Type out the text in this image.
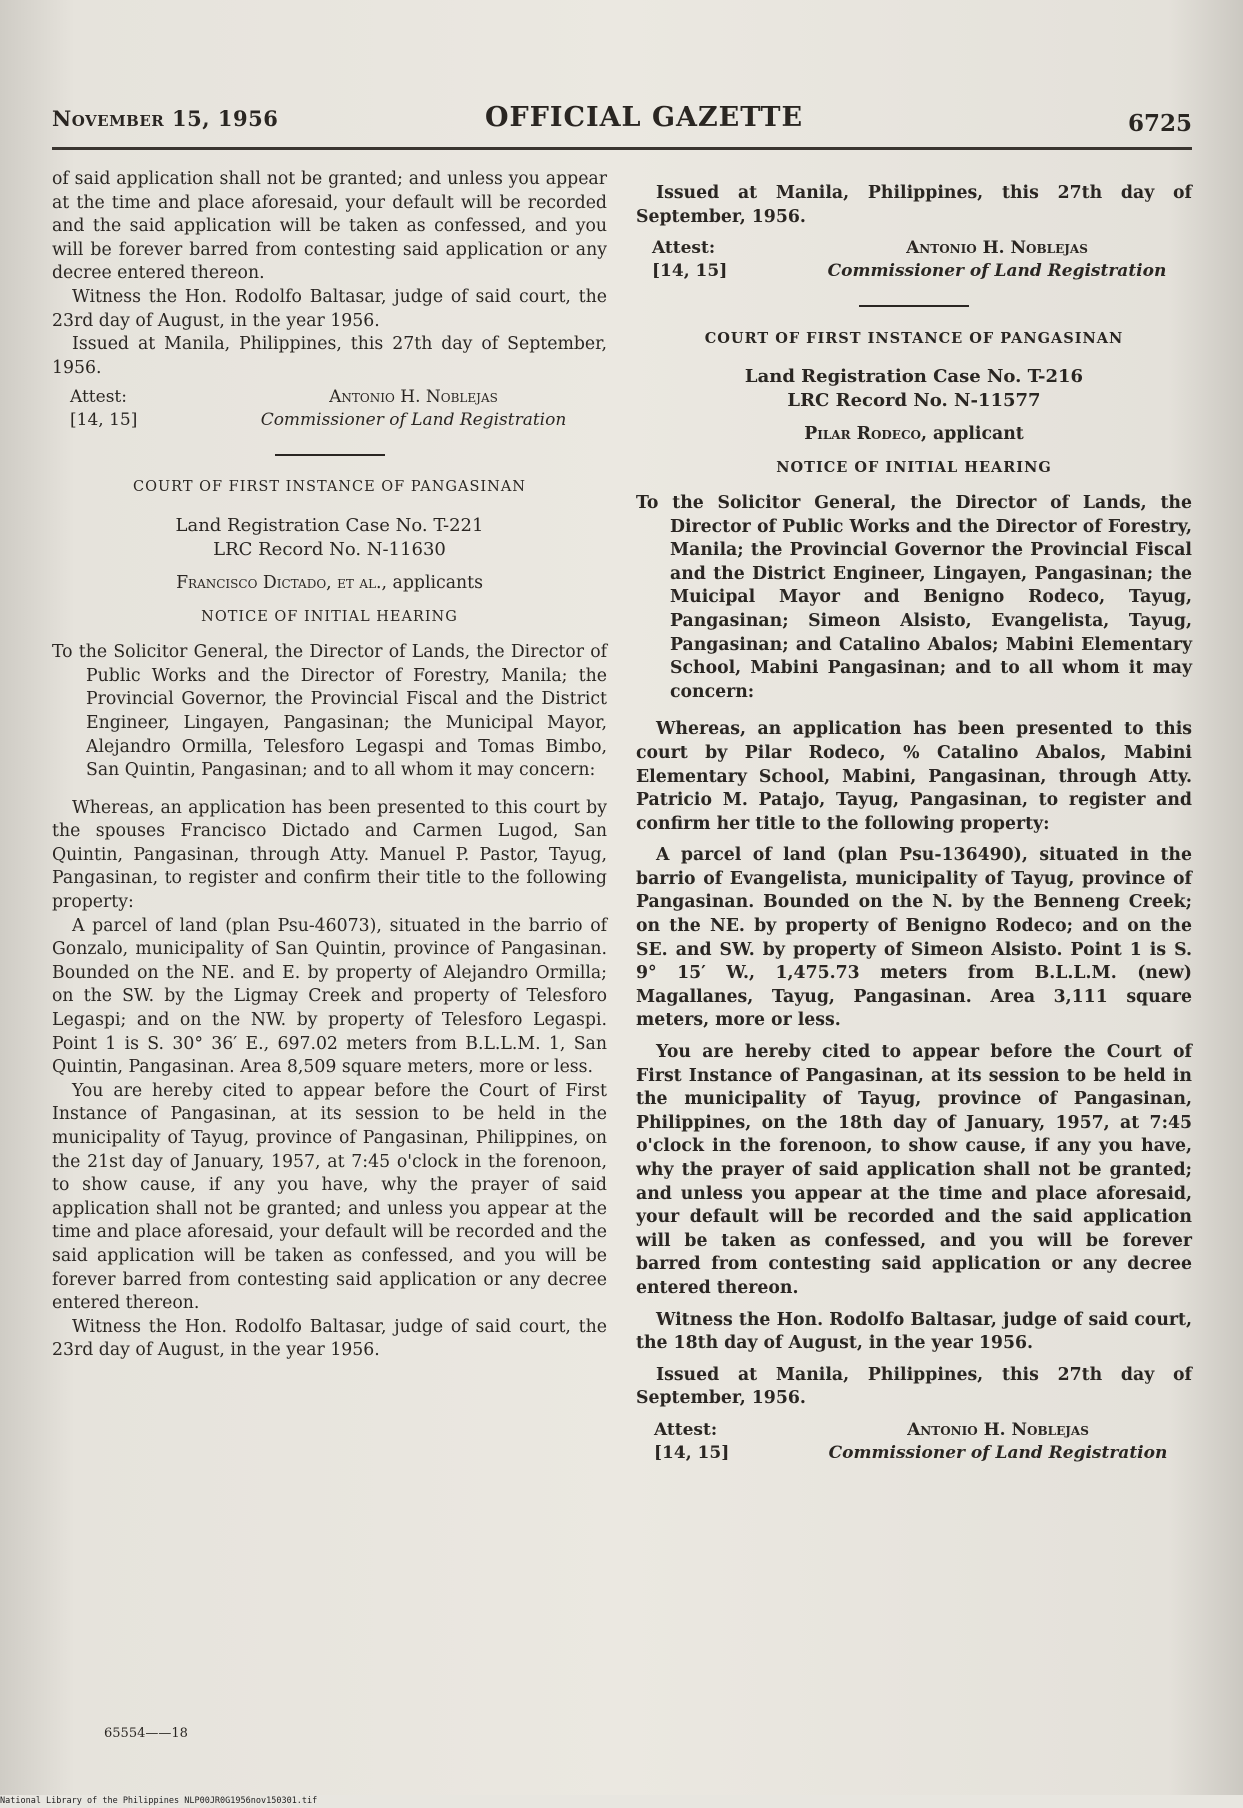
November 15, 1956	OFFICIAL GAZETTE	6725

of said application shall not be granted; and unless you appear at the time and place aforesaid, your default will be recorded and the said application will be taken as confessed, and you will be forever barred from contesting said application or any decree entered thereon.

Witness the Hon. Rodolfo Baltasar, judge of said court, the 23rd day of August, in the year 1956.

Issued at Manila, Philippines, this 27th day of September, 1956.

Attest:
[14, 15]
Antonio H. Noblejas
Commissioner of Land Registration
COURT OF FIRST INSTANCE OF PANGASINAN
Land Registration Case No. T-221
LRC Record No. N-11630
Francisco Dictado, et al., applicants
NOTICE OF INITIAL HEARING

To the Solicitor General, the Director of Lands, the Director of Public Works and the Director of Forestry, Manila; the Provincial Governor, the Provincial Fiscal and the District Engineer, Lingayen, Pangasinan; the Municipal Mayor, Alejandro Ormilla, Telesforo Legaspi and Tomas Bimbo, San Quintin, Pangasinan; and to all whom it may concern:

Whereas, an application has been presented to this court by the spouses Francisco Dictado and Carmen Lugod, San Quintin, Pangasinan, through Atty. Manuel P. Pastor, Tayug, Pangasinan, to register and confirm their title to the following property:

A parcel of land (plan Psu-46073), situated in the barrio of Gonzalo, municipality of San Quintin, province of Pangasinan. Bounded on the NE. and E. by property of Alejandro Ormilla; on the SW. by the Ligmay Creek and property of Telesforo Legaspi; and on the NW. by property of Telesforo Legaspi. Point 1 is S. 30° 36′ E., 697.02 meters from B.L.L.M. 1, San Quintin, Pangasinan. Area 8,509 square meters, more or less.

You are hereby cited to appear before the Court of First Instance of Pangasinan, at its session to be held in the municipality of Tayug, province of Pangasinan, Philippines, on the 21st day of January, 1957, at 7:45 o'clock in the forenoon, to show cause, if any you have, why the prayer of said application shall not be granted; and unless you appear at the time and place aforesaid, your default will be recorded and the said application will be taken as confessed, and you will be forever barred from contesting said application or any decree entered thereon.

Witness the Hon. Rodolfo Baltasar, judge of said court, the 23rd day of August, in the year 1956.

Issued at Manila, Philippines, this 27th day of September, 1956.

Attest:
[14, 15]
Antonio H. Noblejas
Commissioner of Land Registration
COURT OF FIRST INSTANCE OF PANGASINAN
Land Registration Case No. T-216
LRC Record No. N-11577
Pilar Rodeco, applicant
NOTICE OF INITIAL HEARING

To the Solicitor General, the Director of Lands, the Director of Public Works and the Director of Forestry, Manila; the Provincial Governor the Provincial Fiscal and the District Engineer, Lingayen, Pangasinan; the Muicipal Mayor and Benigno Rodeco, Tayug, Pangasinan; Simeon Alsisto, Evangelista, Tayug, Pangasinan; and Catalino Abalos; Mabini Elementary School, Mabini Pangasinan; and to all whom it may concern:

Whereas, an application has been presented to this court by Pilar Rodeco, % Catalino Abalos, Mabini Elementary School, Mabini, Pangasinan, through Atty. Patricio M. Patajo, Tayug, Pangasinan, to register and confirm her title to the following property:

A parcel of land (plan Psu-136490), situated in the barrio of Evangelista, municipality of Tayug, province of Pangasinan. Bounded on the N. by the Benneng Creek; on the NE. by property of Benigno Rodeco; and on the SE. and SW. by property of Simeon Alsisto. Point 1 is S. 9° 15′ W., 1,475.73 meters from B.L.L.M. (new) Magallanes, Tayug, Pangasinan. Area 3,111 square meters, more or less.

You are hereby cited to appear before the Court of First Instance of Pangasinan, at its session to be held in the municipality of Tayug, province of Pangasinan, Philippines, on the 18th day of January, 1957, at 7:45 o'clock in the forenoon, to show cause, if any you have, why the prayer of said application shall not be granted; and unless you appear at the time and place aforesaid, your default will be recorded and the said application will be taken as confessed, and you will be forever barred from contesting said application or any decree entered thereon.

Witness the Hon. Rodolfo Baltasar, judge of said court, the 18th day of August, in the year 1956.

Issued at Manila, Philippines, this 27th day of September, 1956.

Attest:
[14, 15]
Antonio H. Noblejas
Commissioner of Land Registration
65554——18
National Library of the Philippines NLP00JR0G1956nov150301.tif
